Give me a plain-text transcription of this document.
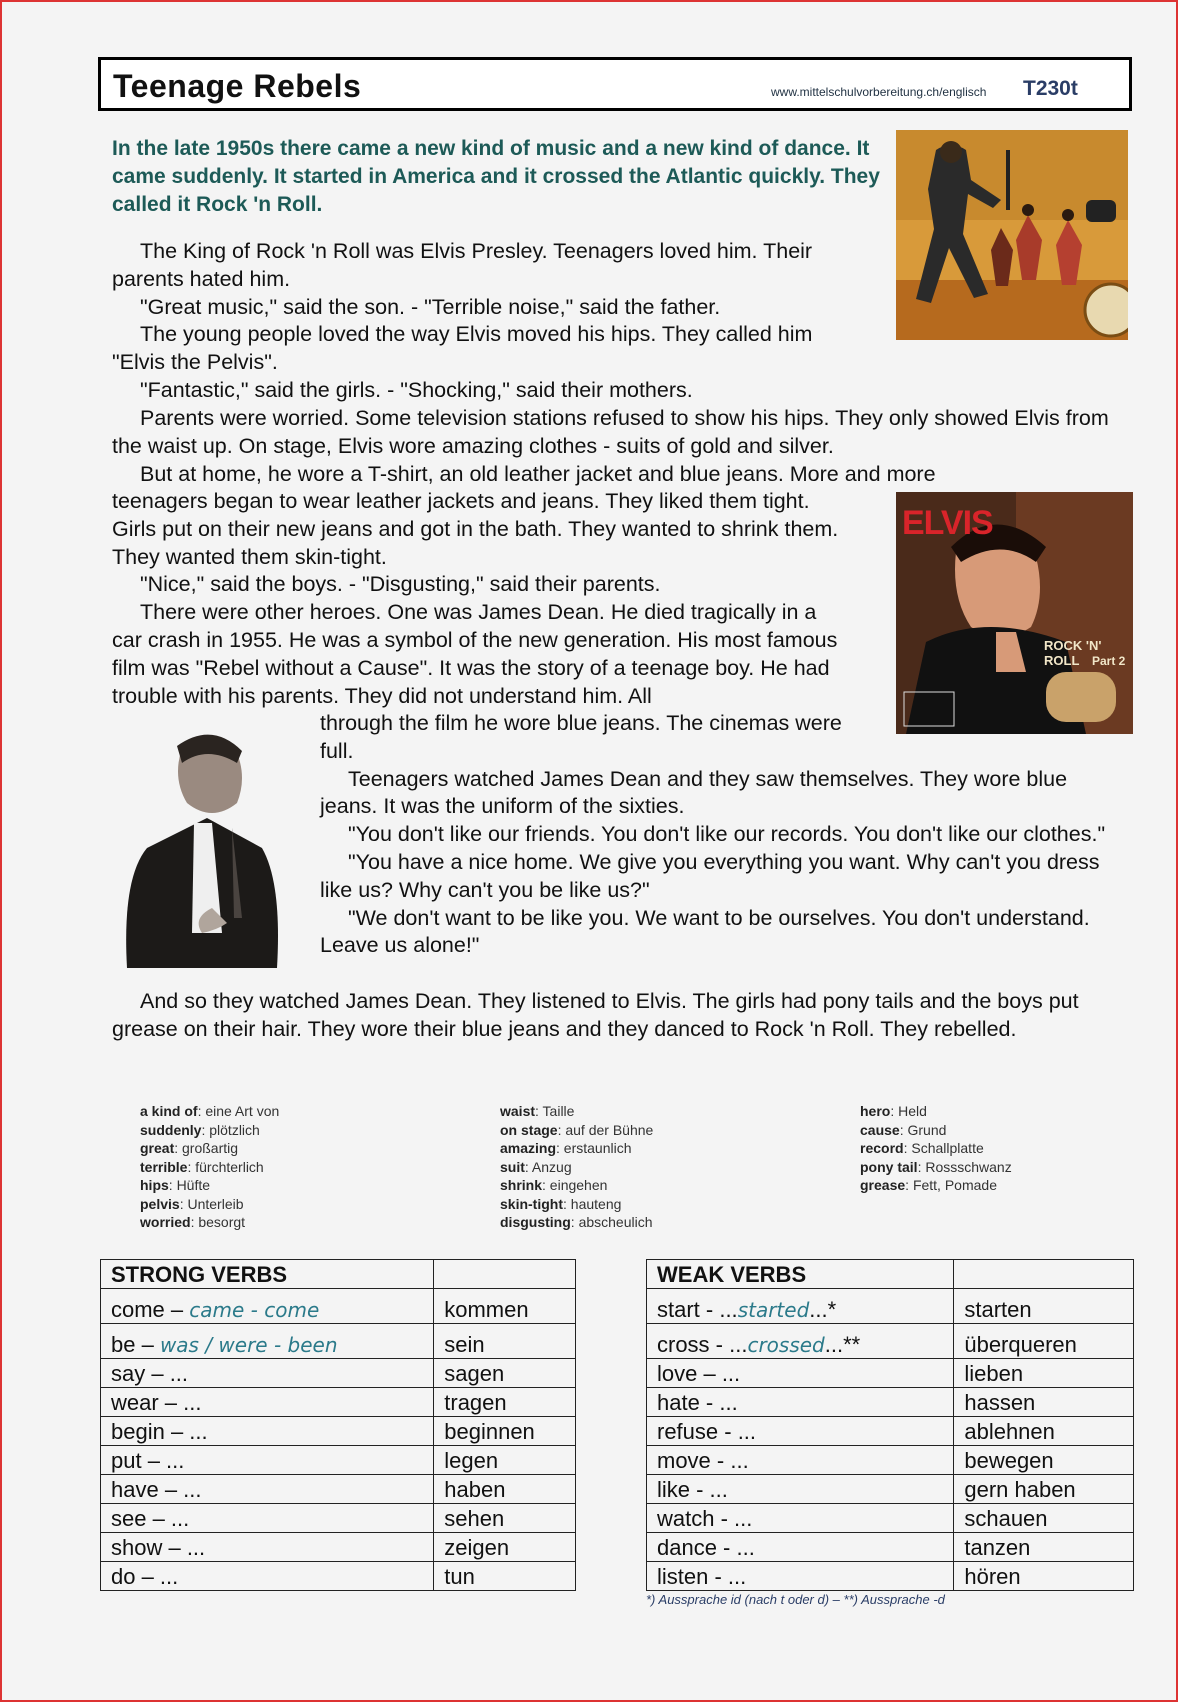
Teenage Rebels	www.mittelschulvorbereitung.ch/englisch T230t
In the late 1950s there came a new kind of music and a new kind of dance. It came suddenly. It started in America and it crossed the Atlantic quickly. They called it Rock 'n Roll.
ELVIS
ROCK 'N' ROLL	Part 2

The King of Rock 'n Roll was Elvis Presley. Teenagers loved him. Their parents hated him.

"Great music," said the son. - "Terrible noise," said the father.

The young people loved the way Elvis moved his hips. They called him "Elvis the Pelvis".

"Fantastic," said the girls. - "Shocking," said their mothers.

Parents were worried. Some television stations refused to show his hips. They only showed Elvis from the waist up. On stage, Elvis wore amazing clothes - suits of gold and silver.

But at home, he wore a T-shirt, an old leather jacket and blue jeans. More and more

teenagers began to wear leather jackets and jeans. They liked them tight. Girls put on their new jeans and got in the bath. They wanted to shrink them. They wanted them skin-tight.

"Nice," said the boys. - "Disgusting," said their parents.

There were other heroes. One was James Dean. He died tragically in a car crash in 1955. He was a symbol of the new generation. His most famous film was "Rebel without a Cause". It was the story of a teenage boy. He had trouble with his parents. They did not understand him. All

through the film he wore blue jeans. The cinemas were full.

Teenagers watched James Dean and they saw themselves. They wore blue jeans. It was the uniform of the sixties.

"You don't like our friends. You don't like our records. You don't like our clothes."

"You have a nice home. We give you everything you want. Why can't you dress like us? Why can't you be like us?"

"We don't want to be like you. We want to be ourselves. You don't understand. Leave us alone!"

And so they watched James Dean. They listened to Elvis. The girls had pony tails and the boys put grease on their hair. They wore their blue jeans and they danced to Rock 'n Roll. They rebelled.

a kind of: eine Art von
suddenly: plötzlich
great: großartig
terrible: fürchterlich
hips: Hüfte
pelvis: Unterleib
worried: besorgt
waist: Taille
on stage: auf der Bühne
amazing: erstaunlich
suit: Anzug
shrink: eingehen
skin-tight: hauteng
disgusting: abscheulich
hero: Held
cause: Grund
record: Schallplatte
pony tail: Rossschwanz
grease: Fett, Pomade
STRONG VERBS	
come – came - come	kommen
be – was / were - been	sein
say – ...	sagen
wear – ...	tragen
begin – ...	beginnen
put – ...	legen
have – ...	haben
see – ...	sehen
show – ...	zeigen
do – ...	tun
WEAK VERBS	
start - ...started...*	starten
cross - ...crossed...**	überqueren
love – ...	lieben
hate - ...	hassen
refuse - ...	ablehnen
move - ...	bewegen
like - ...	gern haben
watch - ...	schauen
dance - ...	tanzen
listen - ...	hören
*) Aussprache id (nach t oder d) – **) Aussprache -d
